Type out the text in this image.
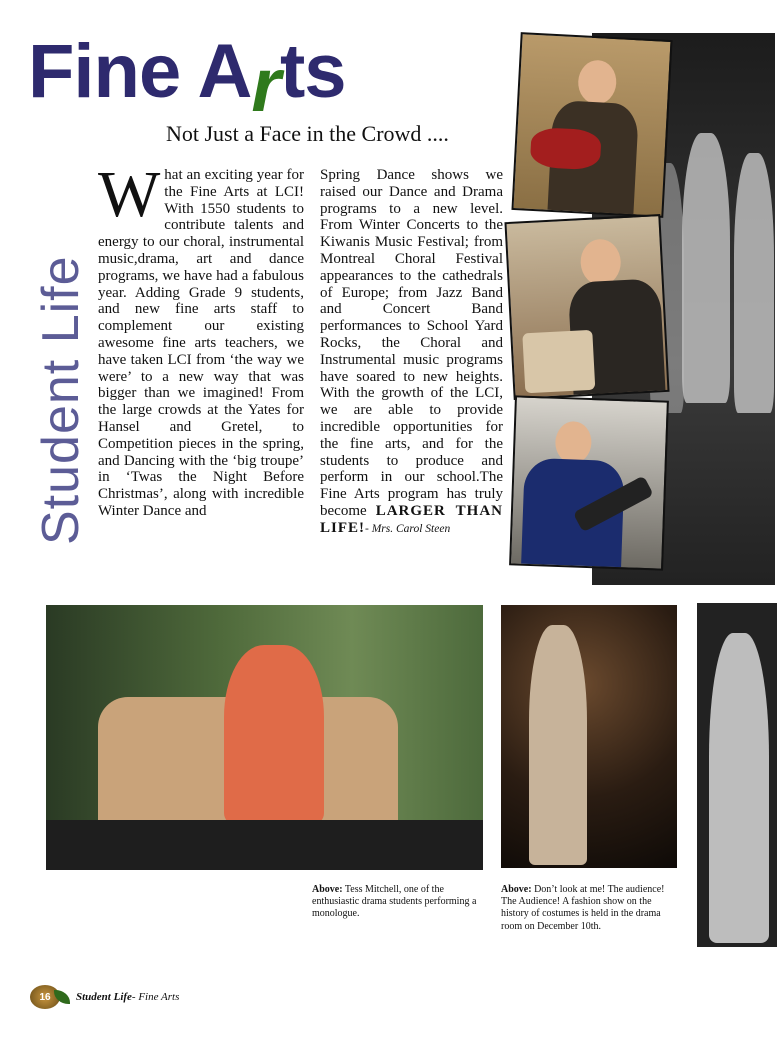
Fine Arts
Not Just a Face in the Crowd ....
Student Life
What an exciting year for the Fine Arts at LCI! With 1550 students to contribute talents and energy to our choral, instrumental music,drama, art and dance programs, we have had a fabulous year. Adding Grade 9 students, and new fine arts staff to complement our existing awesome fine arts teachers, we have taken LCI from ‘the way we were’ to a new way that was bigger than we imagined! From the large crowds at the Yates for Hansel and Gretel, to Competition pieces in the spring, and Dancing with the ‘big troupe’ in ‘Twas the Night Before Christmas’, along with incredible Winter Dance and
Spring Dance shows we raised our Dance and Drama programs to a new level. From Winter Concerts to the Kiwanis Music Festival; from Montreal Choral Festival appearances to the cathedrals of Europe; from Jazz Band and Concert Band performances to School Yard Rocks, the Choral and Instrumental music programs have soared to new heights. With the growth of the LCI, we are able to provide incredible opportunities for the fine arts, and for the students to produce and perform in our school.The Fine Arts program has truly become LARGER THAN LIFE!- Mrs. Carol Steen
Above: Tess Mitchell, one of the enthusiastic drama students performing a monologue.
Above: Don’t look at me! The audience! The Audience! A fashion show on the history of costumes is held in the drama room on December 10th.
16	Student Life- Fine Arts
